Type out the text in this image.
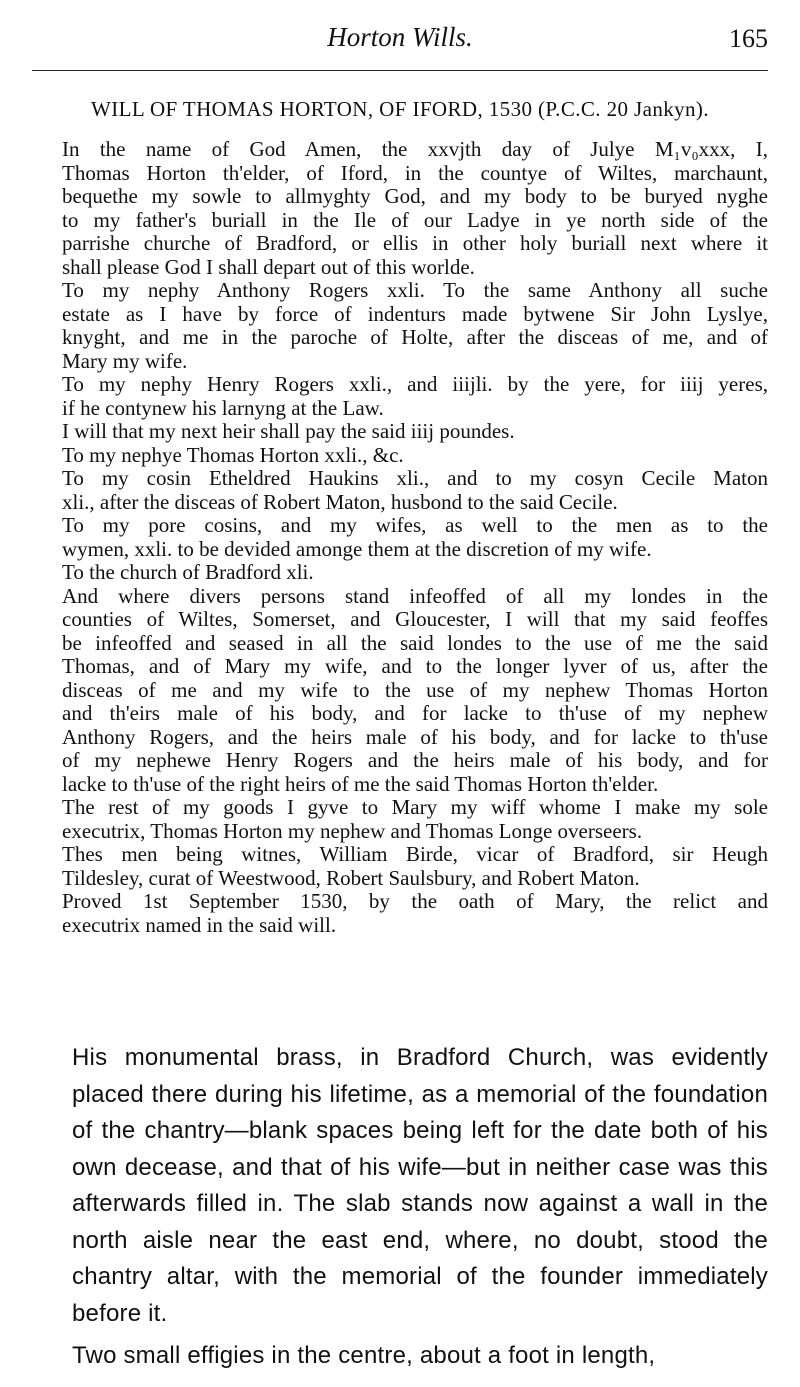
Horton Wills.	165
WILL OF THOMAS HORTON, OF IFORD, 1530 (P.C.C. 20 Jankyn).

In the name of God Amen, the xxvjth day of Julye M₁v₀xxx, I,
Thomas Horton th'elder, of Iford, in the countye of Wiltes, marchaunt,
bequethe my sowle to allmyghty God, and my body to be buryed nyghe
to my father's buriall in the Ile of our Ladye in ye north side of the
parrishe churche of Bradford, or ellis in other holy buriall next where it
shall please God I shall depart out of this worlde.

To my nephy Anthony Rogers xxli. To the same Anthony all suche
estate as I have by force of indenturs made bytwene Sir John Lyslye,
knyght, and me in the paroche of Holte, after the disceas of me, and of
Mary my wife.

To my nephy Henry Rogers xxli., and iiijli. by the yere, for iiij yeres,
if he contynew his larnyng at the Law.

I will that my next heir shall pay the said iiij poundes.

To my nephye Thomas Horton xxli., &c.

To my cosin Etheldred Haukins xli., and to my cosyn Cecile Maton
xli., after the disceas of Robert Maton, husbond to the said Cecile.

To my pore cosins, and my wifes, as well to the men as to the
wymen, xxli. to be devided amonge them at the discretion of my wife.

To the church of Bradford xli.

And where divers persons stand infeoffed of all my londes in the
counties of Wiltes, Somerset, and Gloucester, I will that my said feoffes
be infeoffed and seased in all the said londes to the use of me the said
Thomas, and of Mary my wife, and to the longer lyver of us, after the
disceas of me and my wife to the use of my nephew Thomas Horton
and th'eirs male of his body, and for lacke to th'use of my nephew
Anthony Rogers, and the heirs male of his body, and for lacke to th'use
of my nephewe Henry Rogers and the heirs male of his body, and for
lacke to th'use of the right heirs of me the said Thomas Horton th'elder.

The rest of my goods I gyve to Mary my wiff whome I make my sole
executrix, Thomas Horton my nephew and Thomas Longe overseers.

Thes men being witnes, William Birde, vicar of Bradford, sir Heugh
Tildesley, curat of Weestwood, Robert Saulsbury, and Robert Maton.

Proved 1st September 1530, by the oath of Mary, the relict and
executrix named in the said will.

His monumental brass, in Bradford Church, was evidently
placed there during his lifetime, as a memorial of the foundation
of the chantry—blank spaces being left for the date both of his
own decease, and that of his wife—but in neither case was this
afterwards filled in. The slab stands now against a wall in the
north aisle near the east end, where, no doubt, stood the
chantry altar, with the memorial of the founder immediately
before it.

Two small effigies in the centre, about a foot in length,
